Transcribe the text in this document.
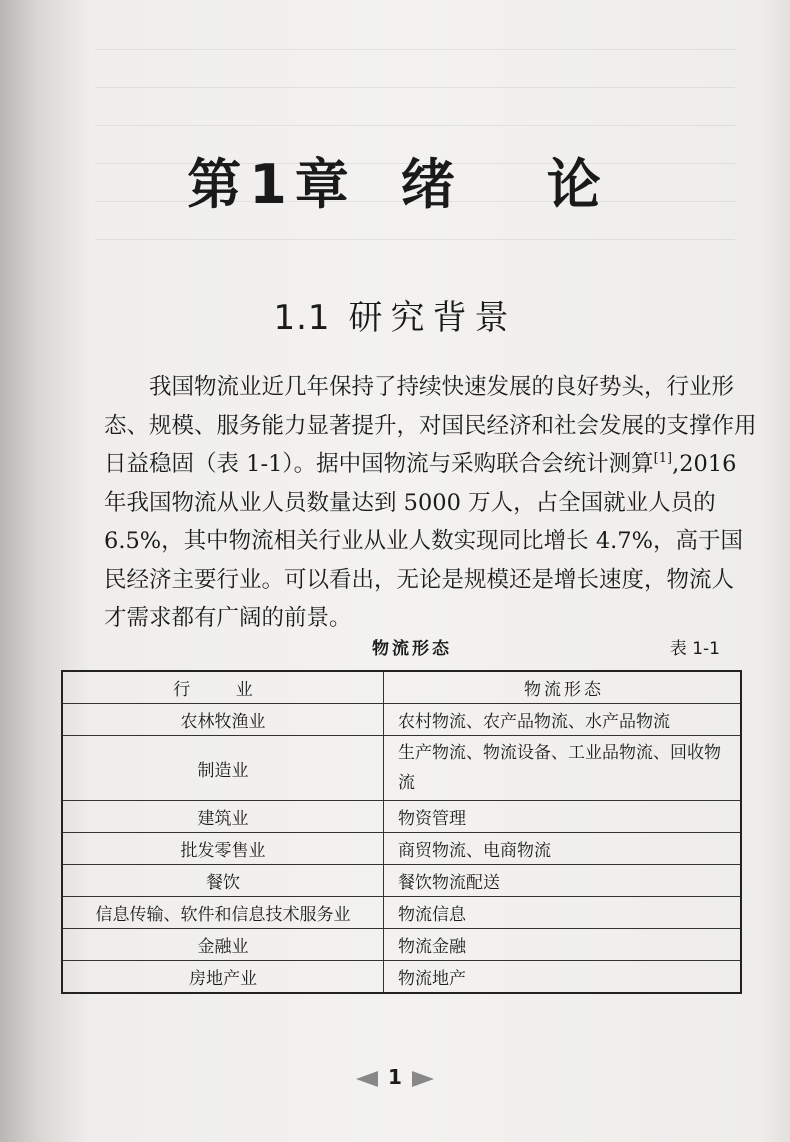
第 1 章 绪 论
1.1 研究背景
我国物流业近几年保持了持续快速发展的良好势头，行业形
态、规模、服务能力显著提升，对国民经济和社会发展的支撑作用
日益稳固（表 1-1）。据中国物流与采购联合会统计测算[1],2016
年我国物流从业人员数量达到 5000 万人，占全国就业人员的
6.5%，其中物流相关行业从业人数实现同比增长 4.7%，高于国
民经济主要行业。可以看出，无论是规模还是增长速度，物流人
才需求都有广阔的前景。
物流形态	表 1-1
行 业	物流形态
农林牧渔业	农村物流、农产品物流、水产品物流
制造业	生产物流、物流设备、工业品物流、回收物流
建筑业	物资管理
批发零售业	商贸物流、电商物流
餐饮	餐饮物流配送
信息传输、软件和信息技术服务业	物流信息
金融业	物流金融
房地产业	物流地产
1
